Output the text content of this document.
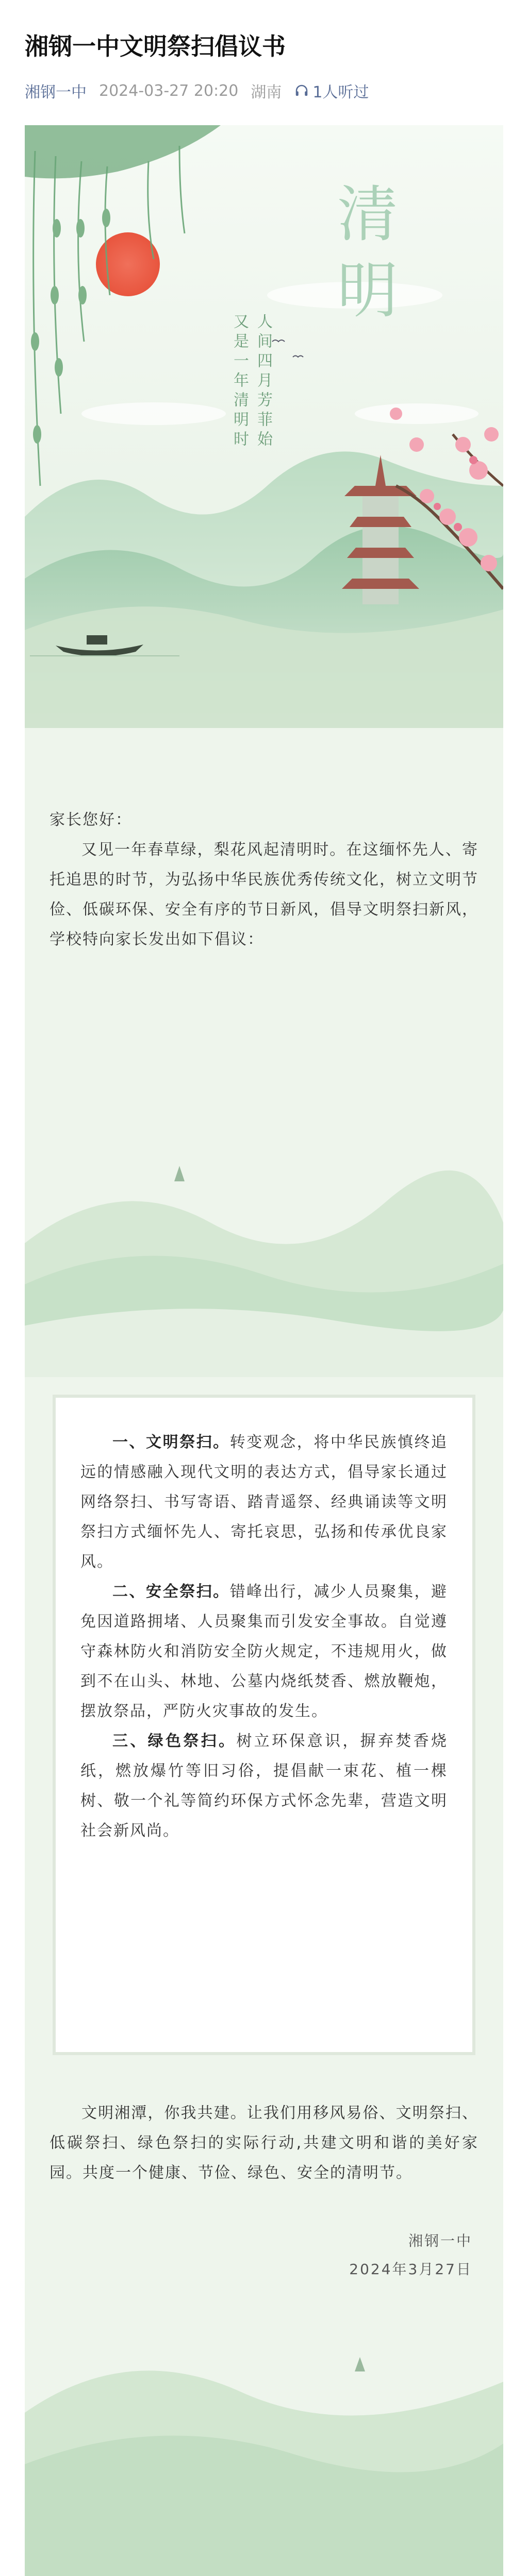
湘钢一中文明祭扫倡议书
湘钢一中 2024-03-27 20:20 湖南 1人听过
清明
人间四月芳菲始
又是一年清明时

家长您好：

又见一年春草绿，梨花风起清明时。在这缅怀先人、寄托追思的时节，为弘扬中华民族优秀传统文化，树立文明节俭、低碳环保、安全有序的节日新风，倡导文明祭扫新风，学校特向家长发出如下倡议：

一、文明祭扫。转变观念，将中华民族慎终追远的情感融入现代文明的表达方式，倡导家长通过网络祭扫、书写寄语、踏青遥祭、经典诵读等文明祭扫方式缅怀先人、寄托哀思，弘扬和传承优良家风。

二、安全祭扫。错峰出行，减少人员聚集，避免因道路拥堵、人员聚集而引发安全事故。自觉遵守森林防火和消防安全防火规定，不违规用火，做到不在山头、林地、公墓内烧纸焚香、燃放鞭炮，摆放祭品，严防火灾事故的发生。

三、绿色祭扫。树立环保意识，摒弃焚香烧纸，燃放爆竹等旧习俗，提倡献一束花、植一棵树、敬一个礼等简约环保方式怀念先辈，营造文明社会新风尚。

文明湘潭，你我共建。让我们用移风易俗、文明祭扫、低碳祭扫、绿色祭扫的实际行动,共建文明和谐的美好家园。共度一个健康、节俭、绿色、安全的清明节。

湘钢一中
2024年3月27日
